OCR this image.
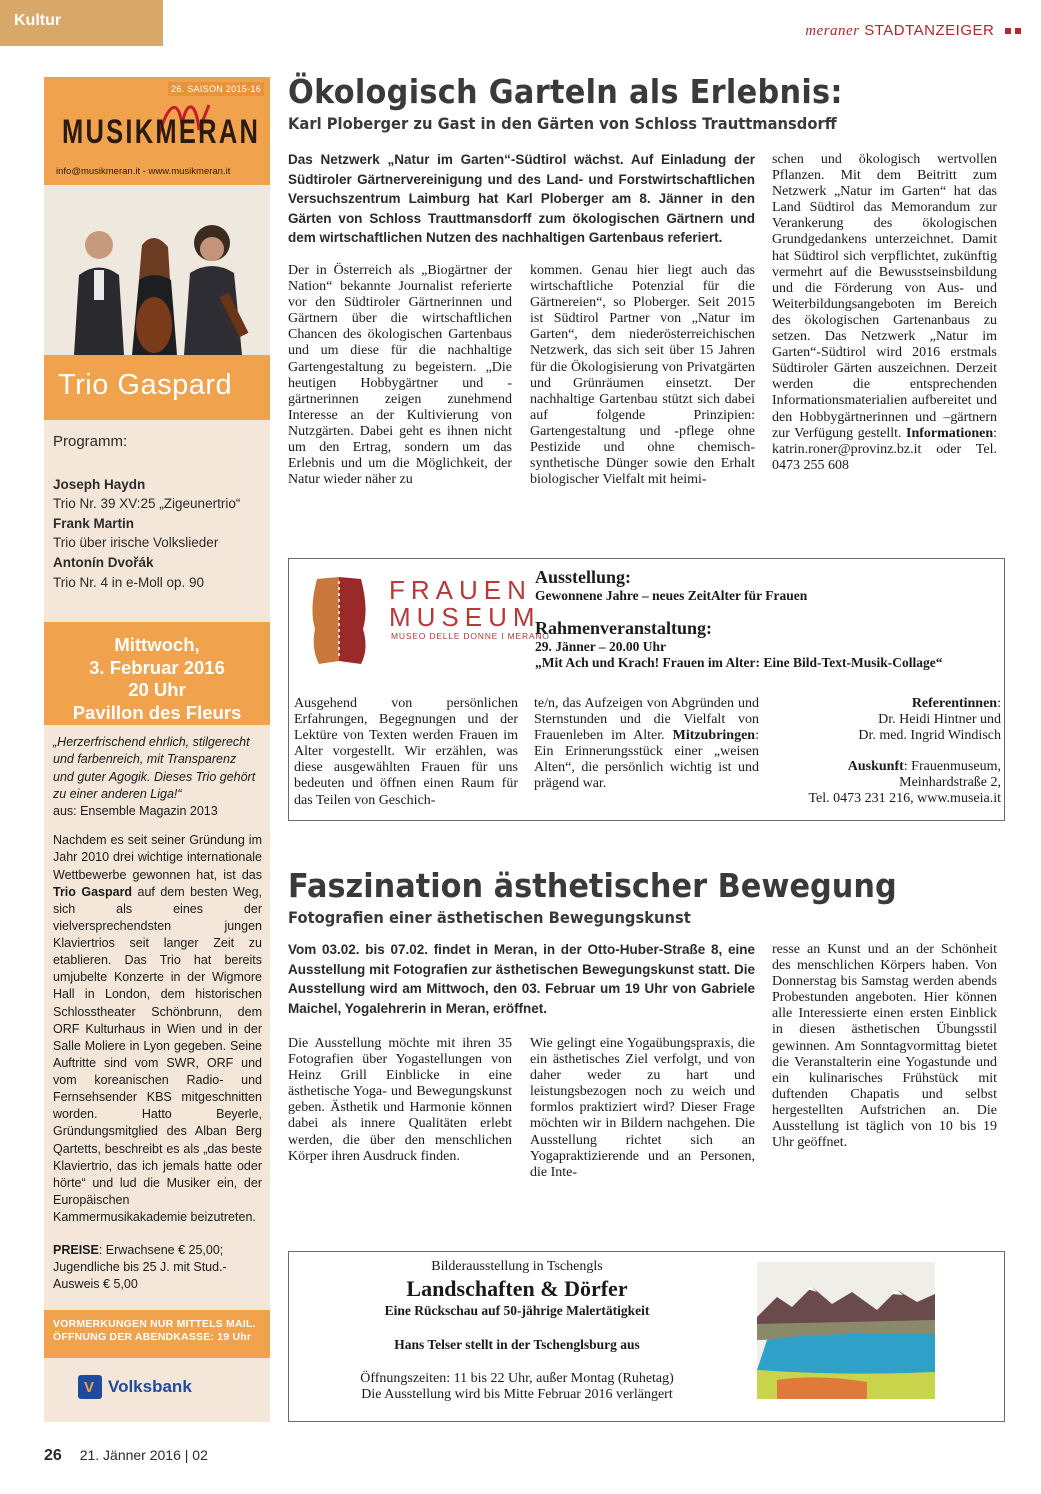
Kultur
meraner STADTANZEIGER
26. SAISON 2015-16
MUSIKMERAN
info@musikmeran.it - www.musikmeran.it
Trio Gaspard
Programm:

Joseph Haydn
Trio Nr. 39 XV:25 „Zigeunertrio“

Frank Martin
Trio über irische Volkslieder

Antonín Dvořák
Trio Nr. 4 in e-Moll op. 90

Mittwoch,
3. Februar 2016
20 Uhr
Pavillon des Fleurs
„Herzerfrischend ehrlich, stilgerecht und farbenreich, mit Transparenz und guter Agogik. Dieses Trio gehört zu einer anderen Liga!“
aus: Ensemble Magazin 2013
Nachdem es seit seiner Gründung im Jahr 2010 drei wichtige internationale Wettbewerbe gewonnen hat, ist das Trio Gaspard auf dem besten Weg, sich als eines der vielversprechendsten jungen Klaviertrios seit langer Zeit zu etablieren. Das Trio hat bereits umjubelte Konzerte in der Wigmore Hall in London, dem historischen Schlosstheater Schönbrunn, dem ORF Kulturhaus in Wien und in der Salle Moliere in Lyon gegeben. Seine Auftritte sind vom SWR, ORF und vom koreanischen Radio- und Fernsehsender KBS mitgeschnitten worden. Hatto Beyerle, Gründungsmitglied des Alban Berg Qartetts, beschreibt es als „das beste Klaviertrio, das ich jemals hatte oder hörte“ und lud die Musiker ein, der Europäischen Kammermusikakademie beizutreten.
PREISE: Erwachsene € 25,00; Jugendliche bis 25 J. mit Stud.-Ausweis € 5,00
VORMERKUNGEN NUR MITTELS MAIL.
ÖFFNUNG DER ABENDKASSE: 19 Uhr
VVolksbank
Ökologisch Garteln als Erlebnis:
Karl Ploberger zu Gast in den Gärten von Schloss Trauttmansdorff
Das Netzwerk „Natur im Garten“-Südtirol wächst. Auf Einladung der Südtiroler Gärtnervereinigung und des Land- und Forstwirtschaftlichen Versuchszentrum Laimburg hat Karl Ploberger am 8. Jänner in den Gärten von Schloss Trauttmansdorff zum ökologischen Gärtnern und dem wirtschaftlichen Nutzen des nachhaltigen Gartenbaus referiert.
Der in Österreich als „Biogärtner der Nation“ bekannte Journalist referierte vor den Südtiroler Gärtnerinnen und Gärtnern über die wirtschaftlichen Chancen des ökologischen Gartenbaus und um diese für die nachhaltige Gartengestaltung zu begeistern. „Die heutigen Hobbygärtner und -gärtnerinnen zeigen zunehmend Interesse an der Kultivierung von Nutzgärten. Dabei geht es ihnen nicht um den Ertrag, sondern um das Erlebnis und um die Möglichkeit, der Natur wieder näher zu
kommen. Genau hier liegt auch das wirtschaftliche Potenzial für die Gärtnereien“, so Ploberger. Seit 2015 ist Südtirol Partner von „Natur im Garten“, dem niederösterreichischen Netzwerk, das sich seit über 15 Jahren für die Ökologisierung von Privatgärten und Grünräumen einsetzt. Der nachhaltige Gartenbau stützt sich dabei auf folgende Prinzipien: Gartengestaltung und -pflege ohne Pestizide und ohne chemisch-synthetische Dünger sowie den Erhalt biologischer Vielfalt mit heimi-
schen und ökologisch wertvollen Pflanzen. Mit dem Beitritt zum Netzwerk „Natur im Garten“ hat das Land Südtirol das Memorandum zur Verankerung des ökologischen Grundgedankens unterzeichnet. Damit hat Südtirol sich verpflichtet, zukünftig vermehrt auf die Bewusstseinsbildung und die Förderung von Aus- und Weiterbildungsangeboten im Bereich des ökologischen Gartenanbaus zu setzen. Das Netzwerk „Natur im Garten“-Südtirol wird 2016 erstmals Südtiroler Gärten auszeichnen. Derzeit werden die entsprechenden Informationsmaterialien aufbereitet und den Hobbygärtnerinnen und –gärtnern zur Verfügung gestellt. Informationen: katrin.roner@provinz.bz.it oder Tel. 0473 255 608
FRAUEN
MUSEUM
MUSEO DELLE DONNE I MERANO
Ausstellung:
Gewonnene Jahre – neues ZeitAlter für Frauen
Rahmenveranstaltung:
29. Jänner – 20.00 Uhr
„Mit Ach und Krach! Frauen im Alter: Eine Bild-Text-Musik-Collage“
Ausgehend von persönlichen Erfahrungen, Begegnungen und der Lektüre von Texten werden Frauen im Alter vorgestellt. Wir erzählen, was diese ausgewählten Frauen für uns bedeuten und öffnen einen Raum für das Teilen von Geschich-
te/n, das Aufzeigen von Abgründen und Sternstunden und die Vielfalt von Frauenleben im Alter. Mitzubringen: Ein Erinnerungsstück einer „weisen Alten“, die persönlich wichtig ist und prägend war.
Referentinnen:
Dr. Heidi Hintner und
Dr. med. Ingrid Windisch
Auskunft: Frauenmuseum,
Meinhardstraße 2,
Tel. 0473 231 216, www.museia.it
Faszination ästhetischer Bewegung
Fotografien einer ästhetischen Bewegungskunst
Vom 03.02. bis 07.02. findet in Meran, in der Otto-Huber-Straße 8, eine Ausstellung mit Fotografien zur ästhetischen Bewegungskunst statt. Die Ausstellung wird am Mittwoch, den 03. Februar um 19 Uhr von Gabriele Maichel, Yogalehrerin in Meran, eröffnet.
Die Ausstellung möchte mit ihren 35 Fotografien über Yogastellungen von Heinz Grill Einblicke in eine ästhetische Yoga- und Bewegungskunst geben. Ästhetik und Harmonie können dabei als innere Qualitäten erlebt werden, die über den menschlichen Körper ihren Ausdruck finden.
Wie gelingt eine Yogaübungspraxis, die ein ästhetisches Ziel verfolgt, und von daher weder zu hart und leistungsbezogen noch zu weich und formlos praktiziert wird? Dieser Frage möchten wir in Bildern nachgehen. Die Ausstellung richtet sich an Yogapraktizierende und an Personen, die Inte-
resse an Kunst und an der Schönheit des menschlichen Körpers haben. Von Donnerstag bis Samstag werden abends Probestunden angeboten. Hier können alle Interessierte einen ersten Einblick in diesen ästhetischen Übungsstil gewinnen. Am Sonntagvormittag bietet die Veranstalterin eine Yogastunde und ein kulinarisches Frühstück mit duftenden Chapatis und selbst hergestellten Aufstrichen an. Die Ausstellung ist täglich von 10 bis 19 Uhr geöffnet.
Bilderausstellung in Tschengls
Landschaften & Dörfer
Eine Rückschau auf 50-jährige Malertätigkeit
Hans Telser stellt in der Tschenglsburg aus
Öffnungszeiten: 11 bis 22 Uhr, außer Montag (Ruhetag)
Die Ausstellung wird bis Mitte Februar 2016 verlängert
26 21. Jänner 2016 | 02
